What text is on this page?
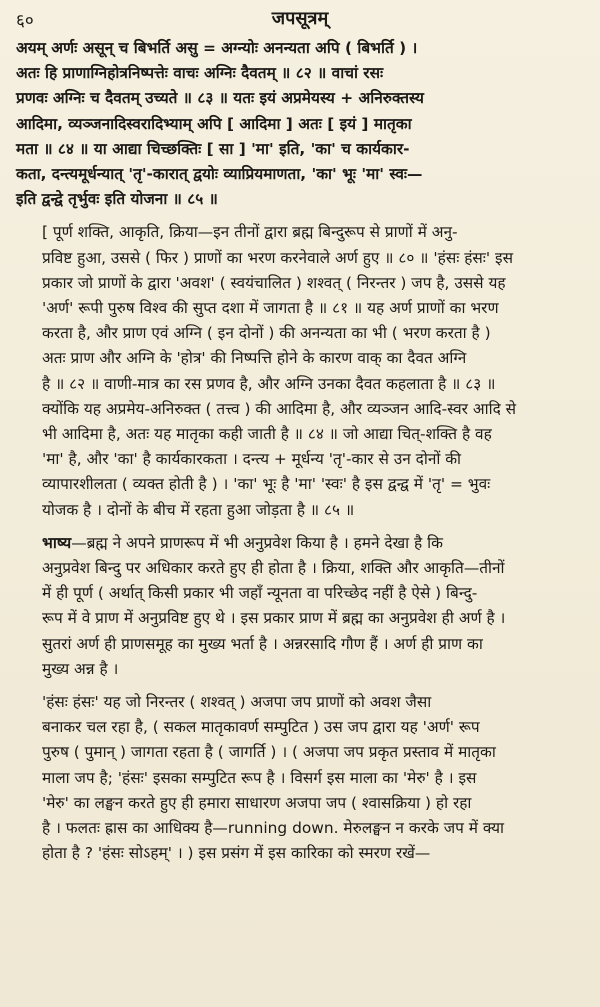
६०	जपसूत्रम्
अयम् अर्णः असून् च बिभर्ति असु = अग्न्योः अनन्यता अपि ( बिभर्ति ) ।
अतः हि प्राणाग्निहोत्रनिष्पत्तेः वाचः अग्निः दैवतम् ॥ ८२ ॥ वाचां रसः
प्रणवः अग्निः च दैवतम् उच्यते ॥ ८३ ॥ यतः इयं अप्रमेयस्य + अनिरुक्तस्य
आदिमा, व्यञ्जनादिस्वरादिभ्याम् अपि [ आदिमा ] अतः [ इयं ] मातृका
मता ॥ ८४ ॥ या आद्या चिच्छक्तिः [ सा ] 'मा' इति, 'का' च कार्यकार-
कता, दन्त्यमूर्धन्यात् 'तृ'-कारात् द्वयोः व्याप्रियमाणता, 'का' भूः 'मा' स्वः—
इति द्वन्द्वे तृर्भुवः इति योजना ॥ ८५ ॥
[ पूर्ण शक्ति, आकृति, क्रिया—इन तीनों द्वारा ब्रह्म बिन्दुरूप से प्राणों में अनु-
प्रविष्ट हुआ, उससे ( फिर ) प्राणों का भरण करनेवाले अर्ण हुए ॥ ८० ॥ 'हंसः हंसः' इस
प्रकार जो प्राणों के द्वारा 'अवश' ( स्वयंचालित ) शश्वत् ( निरन्तर ) जप है, उससे यह
'अर्ण' रूपी पुरुष विश्व की सुप्त दशा में जागता है ॥ ८१ ॥ यह अर्ण प्राणों का भरण
करता है, और प्राण एवं अग्नि ( इन दोनों ) की अनन्यता का भी ( भरण करता है )
अतः प्राण और अग्नि के 'होत्र' की निष्पत्ति होने के कारण वाक् का दैवत अग्नि
है ॥ ८२ ॥ वाणी-मात्र का रस प्रणव है, और अग्नि उनका दैवत कहलाता है ॥ ८३ ॥
क्योंकि यह अप्रमेय-अनिरुक्त ( तत्त्व ) की आदिमा है, और व्यञ्जन आदि-स्वर आदि से
भी आदिमा है, अतः यह मातृका कही जाती है ॥ ८४ ॥ जो आद्या चित्-शक्ति है वह
'मा' है, और 'का' है कार्यकारकता । दन्त्य + मूर्धन्य 'तृ'-कार से उन दोनों की
व्यापारशीलता ( व्यक्त होती है ) । 'का' भूः है 'मा' 'स्वः' है इस द्वन्द्व में 'तृ' = भुवः
योजक है । दोनों के बीच में रहता हुआ जोड़ता है ॥ ८५ ॥
भाष्य—ब्रह्म ने अपने प्राणरूप में भी अनुप्रवेश किया है । हमने देखा है कि
अनुप्रवेश बिन्दु पर अधिकार करते हुए ही होता है । क्रिया, शक्ति और आकृति—तीनों
में ही पूर्ण ( अर्थात् किसी प्रकार भी जहाँ न्यूनता वा परिच्छेद नहीं है ऐसे ) बिन्दु-
रूप में वे प्राण में अनुप्रविष्ट हुए थे । इस प्रकार प्राण में ब्रह्म का अनुप्रवेश ही अर्ण है ।
सुतरां अर्ण ही प्राणसमूह का मुख्य भर्ता है । अन्नरसादि गौण हैं । अर्ण ही प्राण का
मुख्य अन्न है ।
'हंसः हंसः' यह जो निरन्तर ( शश्वत् ) अजपा जप प्राणों को अवश जैसा
बनाकर चल रहा है, ( सकल मातृकावर्ण सम्पुटित ) उस जप द्वारा यह 'अर्ण' रूप
पुरुष ( पुमान् ) जागता रहता है ( जागर्ति ) । ( अजपा जप प्रकृत प्रस्ताव में मातृका
माला जप है; 'हंसः' इसका सम्पुटित रूप है । विसर्ग इस माला का 'मेरु' है । इस
'मेरु' का लङ्घन करते हुए ही हमारा साधारण अजपा जप ( श्वासक्रिया ) हो रहा
है । फलतः ह्रास का आधिक्य है—running down. मेरुलङ्घन न करके जप में क्या
होता है ? 'हंसः सोऽहम्' । ) इस प्रसंग में इस कारिका को स्मरण रखें—
